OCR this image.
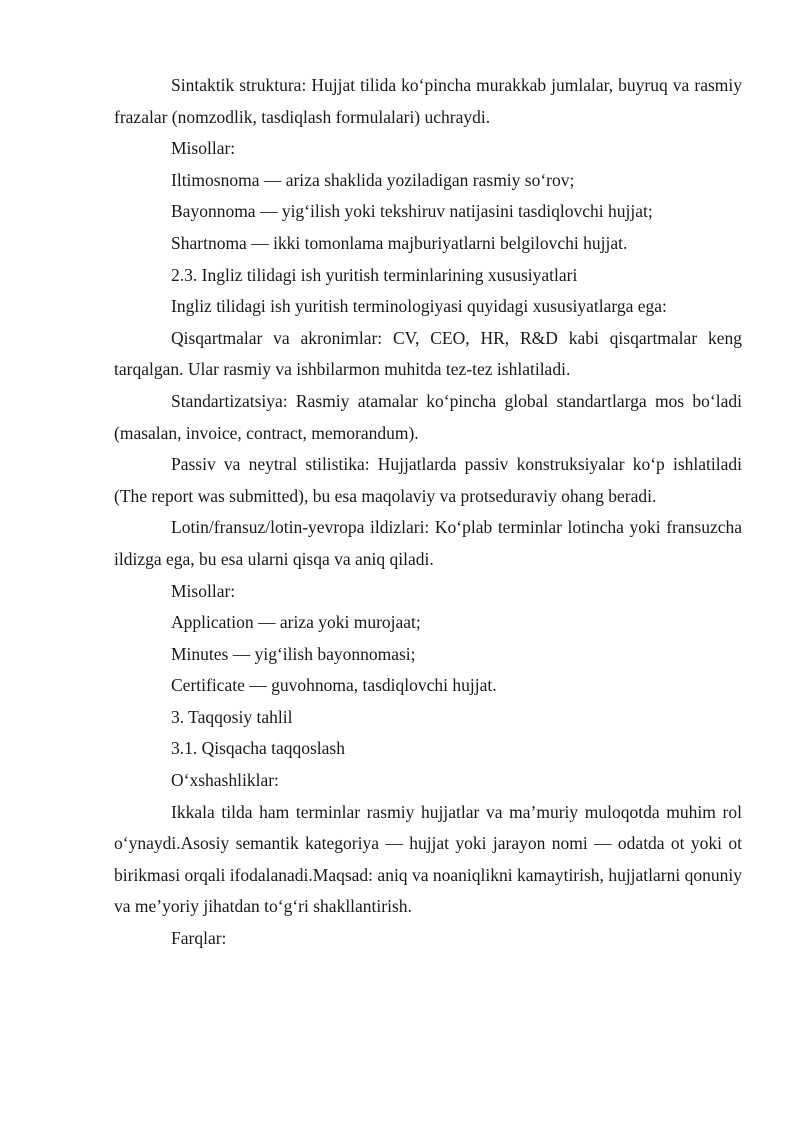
Sintaktik struktura: Hujjat tilida ko‘pincha murakkab jumlalar, buyruq va rasmiy frazalar (nomzodlik, tasdiqlash formulalari) uchraydi.

Misollar:

Iltimosnoma — ariza shaklida yoziladigan rasmiy so‘rov;

Bayonnoma — yig‘ilish yoki tekshiruv natijasini tasdiqlovchi hujjat;

Shartnoma — ikki tomonlama majburiyatlarni belgilovchi hujjat.

2.3. Ingliz tilidagi ish yuritish terminlarining xususiyatlari

Ingliz tilidagi ish yuritish terminologiyasi quyidagi xususiyatlarga ega:

Qisqartmalar va akronimlar: CV, CEO, HR, R&D kabi qisqartmalar keng tarqalgan. Ular rasmiy va ishbilarmon muhitda tez-tez ishlatiladi.

Standartizatsiya: Rasmiy atamalar ko‘pincha global standartlarga mos bo‘ladi (masalan, invoice, contract, memorandum).

Passiv va neytral stilistika: Hujjatlarda passiv konstruksiyalar ko‘p ishlatiladi (The report was submitted), bu esa maqolaviy va protseduraviy ohang beradi.

Lotin/fransuz/lotin-yevropa ildizlari: Ko‘plab terminlar lotincha yoki fransuzcha ildizga ega, bu esa ularni qisqa va aniq qiladi.

Misollar:

Application — ariza yoki murojaat;

Minutes — yig‘ilish bayonnomasi;

Certificate — guvohnoma, tasdiqlovchi hujjat.

3. Taqqosiy tahlil

3.1. Qisqacha taqqoslash

O‘xshashliklar:

Ikkala tilda ham terminlar rasmiy hujjatlar va ma’muriy muloqotda muhim rol o‘ynaydi.Asosiy semantik kategoriya — hujjat yoki jarayon nomi — odatda ot yoki ot birikmasi orqali ifodalanadi.Maqsad: aniq va noaniqlikni kamaytirish, hujjatlarni qonuniy va me’yoriy jihatdan to‘g‘ri shakllantirish.

Farqlar:
